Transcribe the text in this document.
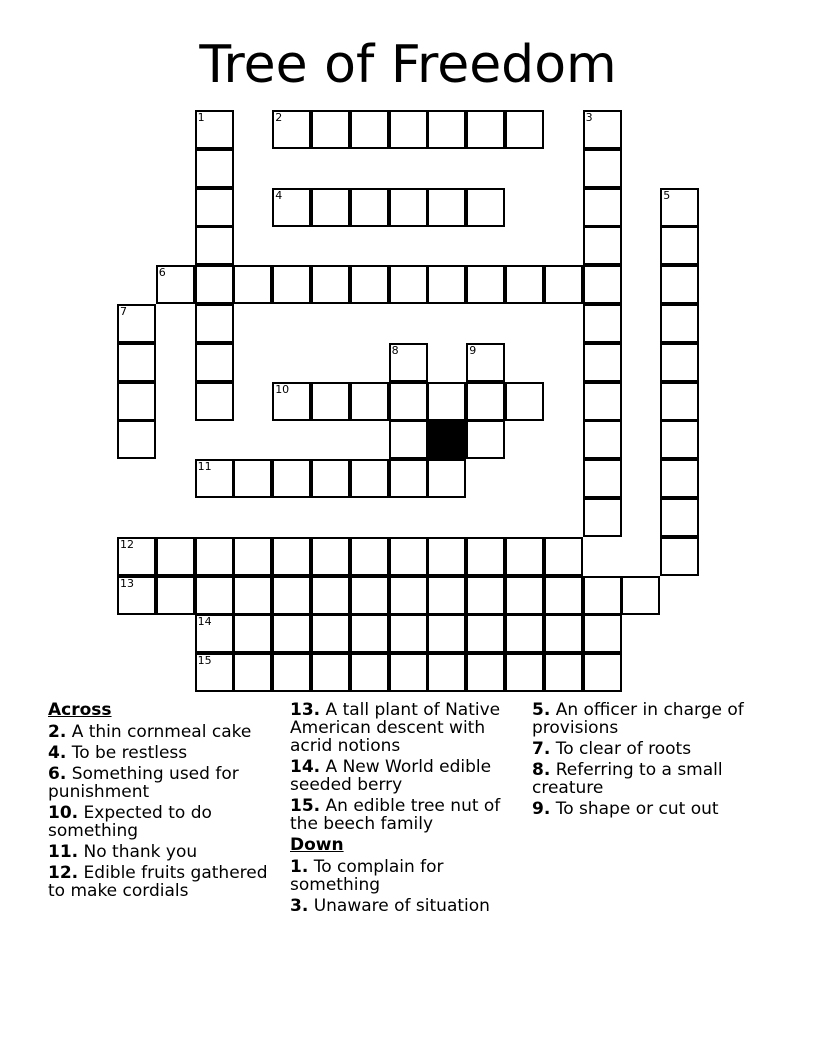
Tree of Freedom
1	2	3
4	5
6
7
8	9
10
11
12
13
14
15
Across
2. A thin cornmeal cake
4. To be restless
6. Something used for punishment
10. Expected to do something
11. No thank you
12. Edible fruits gathered to make cordials
13. A tall plant of Native American descent with acrid notions
14. A New World edible seeded berry
15. An edible tree nut of the beech family
Down
1. To complain for something
3. Unaware of situation
5. An officer in charge of provisions
7. To clear of roots
8. Referring to a small creature
9. To shape or cut out
